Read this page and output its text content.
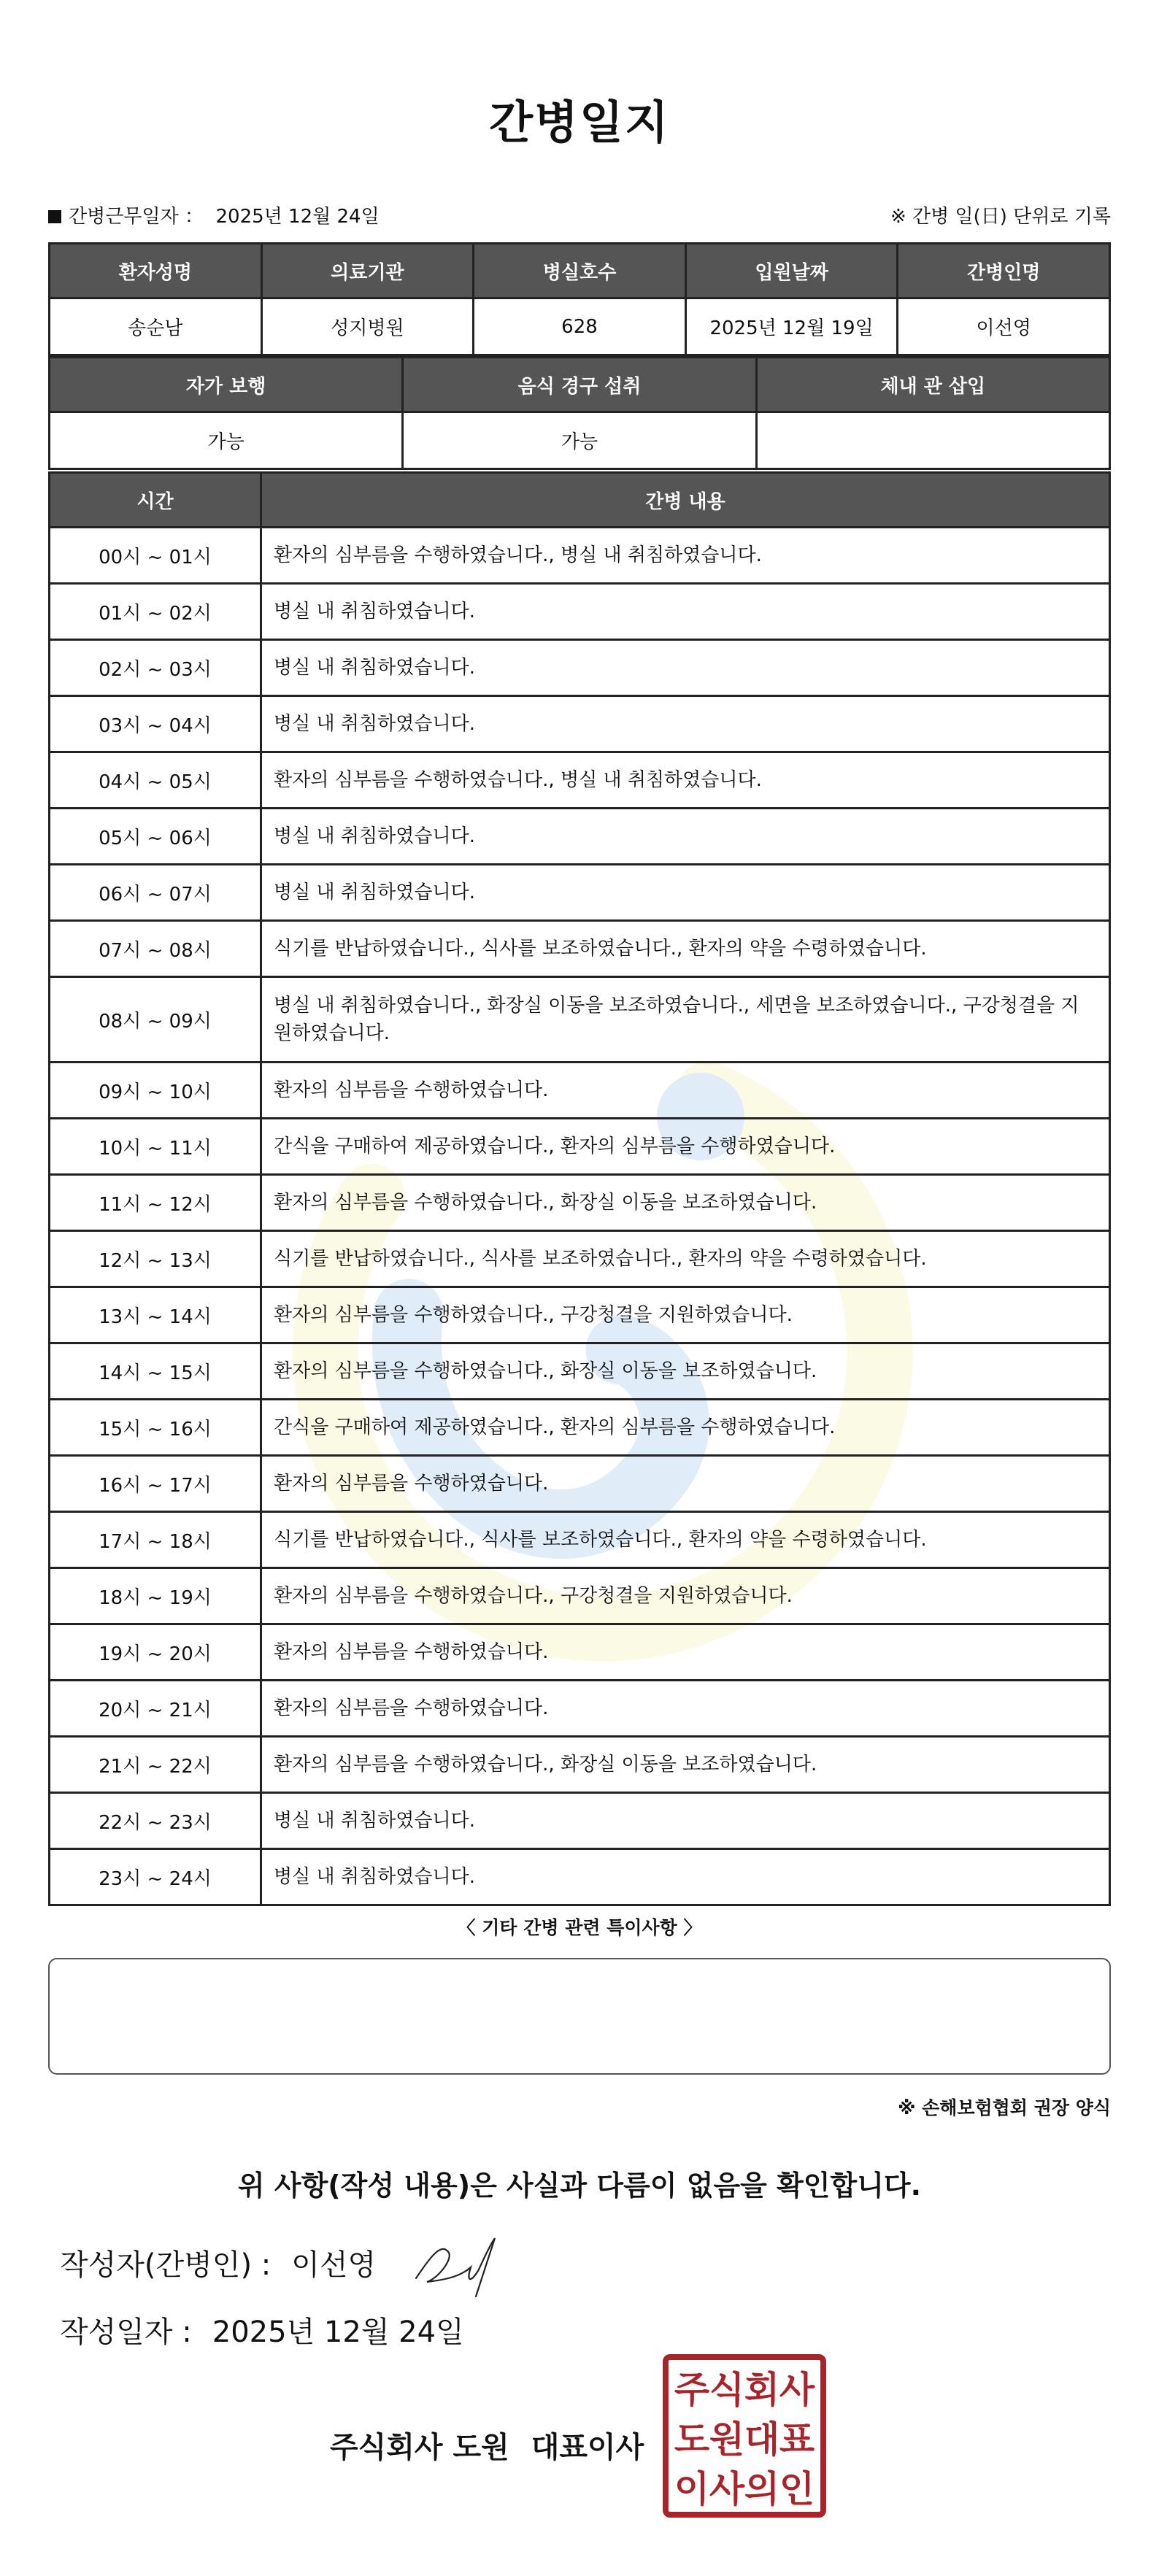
간병일지
간병근무일자 ： 2025년 12월 24일	※ 간병 일(日) 단위로 기록
환자성명	의료기관	병실호수	입원날짜	간병인명
송순남	성지병원	628	2025년 12월 19일	이선영
자가 보행	음식 경구 섭취	체내 관 삽입
가능	가능	
시간	간병 내용
00시 ~ 01시	환자의 심부름을 수행하였습니다., 병실 내 취침하였습니다.
01시 ~ 02시	병실 내 취침하였습니다.
02시 ~ 03시	병실 내 취침하였습니다.
03시 ~ 04시	병실 내 취침하였습니다.
04시 ~ 05시	환자의 심부름을 수행하였습니다., 병실 내 취침하였습니다.
05시 ~ 06시	병실 내 취침하였습니다.
06시 ~ 07시	병실 내 취침하였습니다.
07시 ~ 08시	식기를 반납하였습니다., 식사를 보조하였습니다., 환자의 약을 수령하였습니다.
08시 ~ 09시	병실 내 취침하였습니다., 화장실 이동을 보조하였습니다., 세면을 보조하였습니다., 구강청결을 지원하였습니다.
09시 ~ 10시	환자의 심부름을 수행하였습니다.
10시 ~ 11시	간식을 구매하여 제공하였습니다., 환자의 심부름을 수행하였습니다.
11시 ~ 12시	환자의 심부름을 수행하였습니다., 화장실 이동을 보조하였습니다.
12시 ~ 13시	식기를 반납하였습니다., 식사를 보조하였습니다., 환자의 약을 수령하였습니다.
13시 ~ 14시	환자의 심부름을 수행하였습니다., 구강청결을 지원하였습니다.
14시 ~ 15시	환자의 심부름을 수행하였습니다., 화장실 이동을 보조하였습니다.
15시 ~ 16시	간식을 구매하여 제공하였습니다., 환자의 심부름을 수행하였습니다.
16시 ~ 17시	환자의 심부름을 수행하였습니다.
17시 ~ 18시	식기를 반납하였습니다., 식사를 보조하였습니다., 환자의 약을 수령하였습니다.
18시 ~ 19시	환자의 심부름을 수행하였습니다., 구강청결을 지원하였습니다.
19시 ~ 20시	환자의 심부름을 수행하였습니다.
20시 ~ 21시	환자의 심부름을 수행하였습니다.
21시 ~ 22시	환자의 심부름을 수행하였습니다., 화장실 이동을 보조하였습니다.
22시 ~ 23시	병실 내 취침하였습니다.
23시 ~ 24시	병실 내 취침하였습니다.
〈 기타 간병 관련 특이사항 〉
※ 손해보험협회 권장 양식
위 사항(작성 내용)은 사실과 다름이 없음을 확인합니다.
작성자(간병인) : 이선영
작성일자 : 2025년 12월 24일
주식회사 도원 대표이사
주 식 회 사
도 원 대 표
이 사 의 인
